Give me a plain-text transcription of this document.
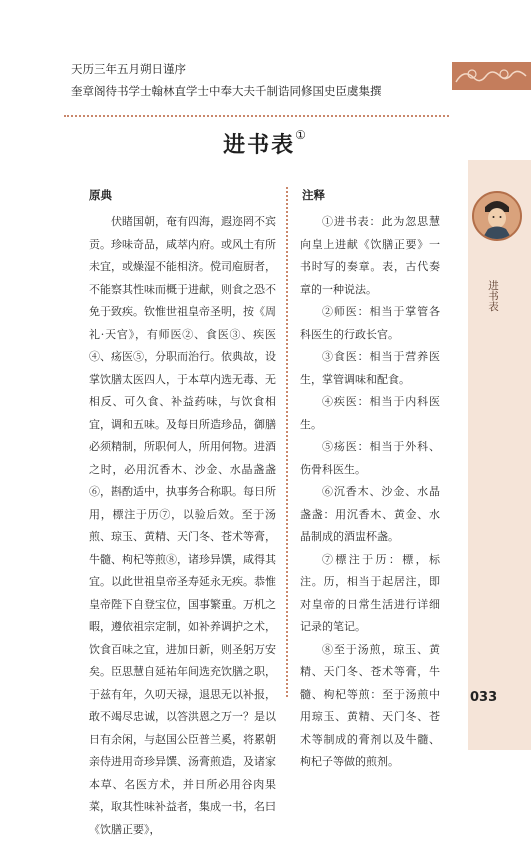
天历三年五月朔日谨序
奎章阁待书学士翰林直学士中奉大夫千制诰同修国史臣虞集撰
进书表①
原典	注释
伏睹国朝，奄有四海，遐迩罔不宾贡。珍味奇品，咸萃内府。或风土有所未宜，或燥湿不能相济。傥司庖厨者，不能察其性味而概于进献，则食之恐不免于致疾。钦惟世祖皇帝圣明，按《周礼·天官》，有师医②、食医③、疾医④、疡医⑤，分职而治行。依典故，设掌饮膳太医四人，于本草内选无毒、无相反、可久食、补益药味，与饮食相宜，调和五味。及每日所造珍品，御膳必须精制，所职何人，所用何物。进酒之时，必用沉香木、沙金、水晶盏盏⑥，斟酌适中，执事务合称职。每日所用，標注于历⑦，以验后效。至于汤煎、琼玉、黄精、天门冬、苍术等膏，牛髓、枸杞等煎⑧，诸珍异馔，咸得其宜。以此世祖皇帝圣寿延永无疾。恭惟皇帝陛下自登宝位，国事繁重。万机之暇，遵依祖宗定制，如补养调护之术，饮食百味之宜，进加日新，则圣躬万安矣。臣思慧自延祐年间选充饮膳之职，于兹有年，久叨天禄，退思无以补报，敢不竭尽忠诚，以答洪恩之万一？是以日有余闲，与赵国公臣普兰奚，将累朝亲侍进用奇珍异馔、汤膏煎造，及诸家本草、名医方术，并日所必用谷肉果菜，取其性味补益者，集成一书，名曰《饮膳正要》，

①进书表：此为忽思慧向皇上进献《饮膳正要》一书时写的奏章。表，古代奏章的一种说法。

②师医：相当于掌管各科医生的行政长官。

③食医：相当于营养医生，掌管调味和配食。

④疾医：相当于内科医生。

⑤疡医：相当于外科、伤骨科医生。

⑥沉香木、沙金、水晶盏盏：用沉香木、黄金、水晶制成的酒盅杯盏。

⑦標注于历：標，标注。历，相当于起居注，即对皇帝的日常生活进行详细记录的笔记。

⑧至于汤煎，琼玉、黄精、天门冬、苍术等膏，牛髓、枸杞等煎：至于汤煎中用琼玉、黄精、天门冬、苍术等制成的膏剂以及牛髓、枸杞子等做的煎剂。

进书表
033
